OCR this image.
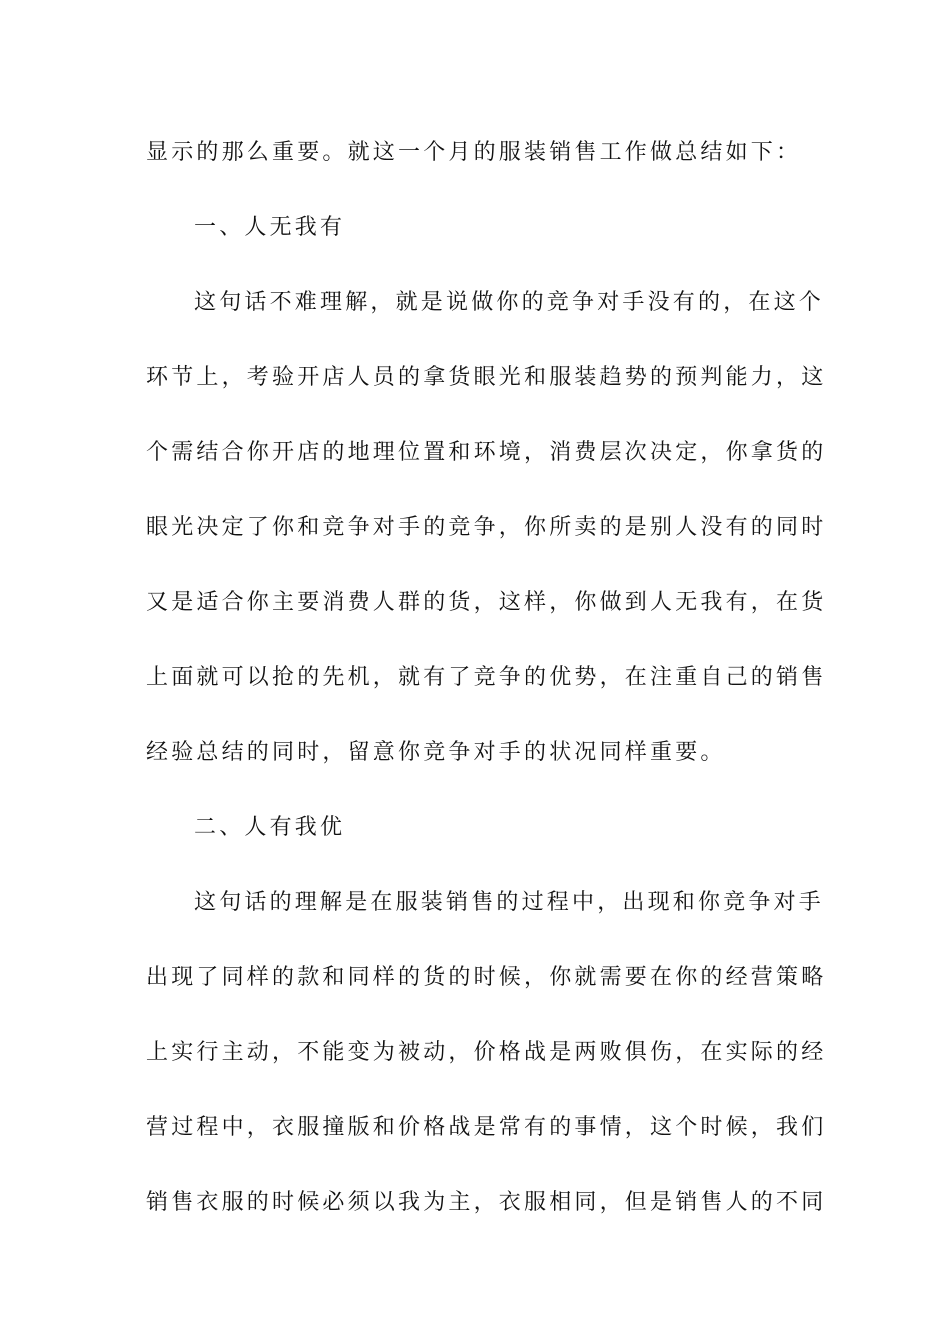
显示的那么重要。就这一个月的服装销售工作做总结如下：
一、人无我有
这句话不难理解，就是说做你的竞争对手没有的，在这个
环节上，考验开店人员的拿货眼光和服装趋势的预判能力，这
个需结合你开店的地理位置和环境，消费层次决定，你拿货的
眼光决定了你和竞争对手的竞争，你所卖的是别人没有的同时
又是适合你主要消费人群的货，这样，你做到人无我有，在货
上面就可以抢的先机，就有了竞争的优势，在注重自己的销售
经验总结的同时，留意你竞争对手的状况同样重要。
二、人有我优
这句话的理解是在服装销售的过程中，出现和你竞争对手
出现了同样的款和同样的货的时候，你就需要在你的经营策略
上实行主动，不能变为被动，价格战是两败俱伤，在实际的经
营过程中，衣服撞版和价格战是常有的事情，这个时候，我们
销售衣服的时候必须以我为主，衣服相同，但是销售人的不同
